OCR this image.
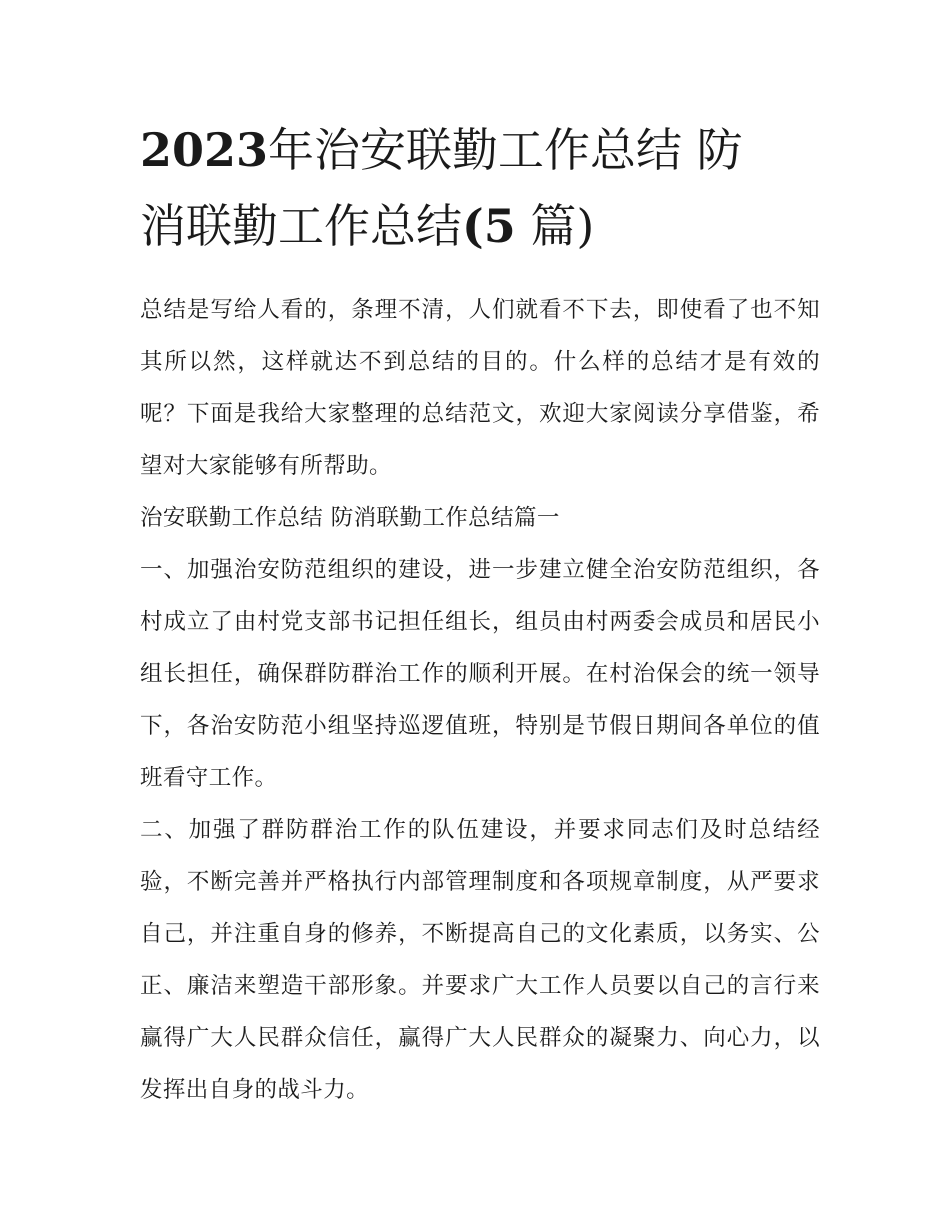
2023年治安联勤工作总结 防
消联勤工作总结(5 篇)

总结是写给人看的，条理不清，人们就看不下去，即使看了也不知其所以然，这样就达不到总结的目的。什么样的总结才是有效的呢？下面是我给大家整理的总结范文，欢迎大家阅读分享借鉴，希望对大家能够有所帮助。

治安联勤工作总结 防消联勤工作总结篇一

一、加强治安防范组织的建设，进一步建立健全治安防范组织，各村成立了由村党支部书记担任组长，组员由村两委会成员和居民小组长担任，确保群防群治工作的顺利开展。在村治保会的统一领导下，各治安防范小组坚持巡逻值班，特别是节假日期间各单位的值班看守工作。

二、加强了群防群治工作的队伍建设，并要求同志们及时总结经验，不断完善并严格执行内部管理制度和各项规章制度，从严要求自己，并注重自身的修养，不断提高自己的文化素质，以务实、公正、廉洁来塑造干部形象。并要求广大工作人员要以自己的言行来赢得广大人民群众信任，赢得广大人民群众的凝聚力、向心力，以发挥出自身的战斗力。
